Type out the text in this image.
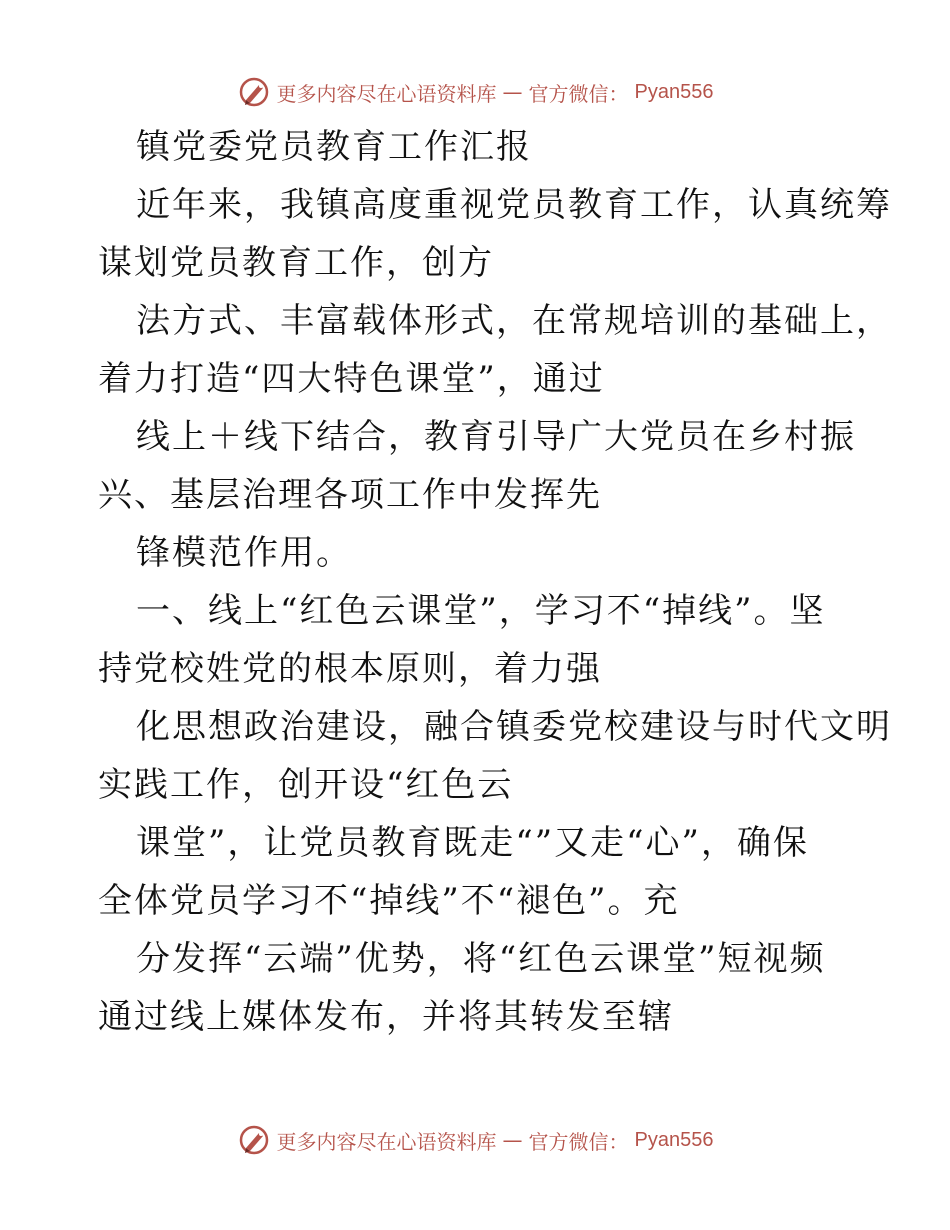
更多内容尽在心语资料库 — 官方微信： Pyan556
镇党委党员教育工作汇报
近年来，我镇高度重视党员教育工作，认真统筹
谋划党员教育工作，创方
法方式、丰富载体形式，在常规培训的基础上，
着力打造“四大特色课堂”，通过
线上＋线下结合，教育引导广大党员在乡村振
兴、基层治理各项工作中发挥先
锋模范作用。
一、线上“红色云课堂”，学习不“掉线”。坚
持党校姓党的根本原则，着力强
化思想政治建设，融合镇委党校建设与时代文明
实践工作，创开设“红色云
课堂”，让党员教育既走“”又走“心”，确保
全体党员学习不“掉线”不“褪色”。充
分发挥“云端”优势，将“红色云课堂”短视频
通过线上媒体发布，并将其转发至辖
更多内容尽在心语资料库 — 官方微信： Pyan556
